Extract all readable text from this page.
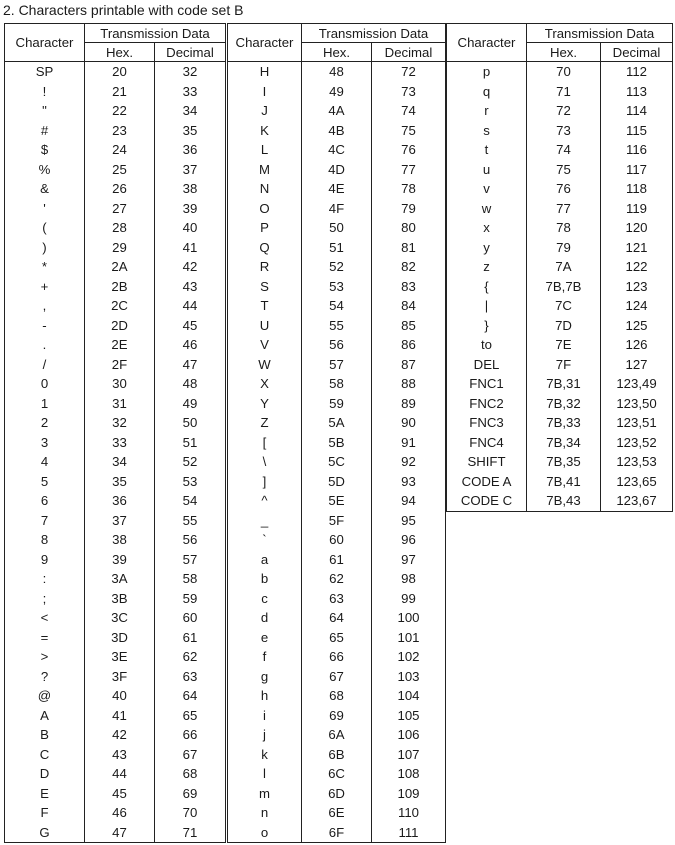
2. Characters printable with code set B
Character	Transmission Data	
	Hex.	Decimal
SP	20	32
!	21	33
"	22	34
#	23	35
$	24	36
%	25	37
&	26	38
'	27	39
(	28	40
)	29	41
*	2A	42
+	2B	43
,	2C	44
-	2D	45
.	2E	46
/	2F	47
0	30	48
1	31	49
2	32	50
3	33	51
4	34	52
5	35	53
6	36	54
7	37	55
8	38	56
9	39	57
:	3A	58
;	3B	59
<	3C	60
=	3D	61
>	3E	62
?	3F	63
@	40	64
A	41	65
B	42	66
C	43	67
D	44	68
E	45	69
F	46	70
G	47	71
Character	Transmission Data	
	Hex.	Decimal
H	48	72
I	49	73
J	4A	74
K	4B	75
L	4C	76
M	4D	77
N	4E	78
O	4F	79
P	50	80
Q	51	81
R	52	82
S	53	83
T	54	84
U	55	85
V	56	86
W	57	87
X	58	88
Y	59	89
Z	5A	90
[	5B	91
\	5C	92
]	5D	93
^	5E	94
_	5F	95
`	60	96
a	61	97
b	62	98
c	63	99
d	64	100
e	65	101
f	66	102
g	67	103
h	68	104
i	69	105
j	6A	106
k	6B	107
l	6C	108
m	6D	109
n	6E	110
o	6F	111
Character	Transmission Data	
	Hex.	Decimal
p	70	112
q	71	113
r	72	114
s	73	115
t	74	116
u	75	117
v	76	118
w	77	119
x	78	120
y	79	121
z	7A	122
{	7B,7B	123
|	7C	124
}	7D	125
to	7E	126
DEL	7F	127
FNC1	7B,31	123,49
FNC2	7B,32	123,50
FNC3	7B,33	123,51
FNC4	7B,34	123,52
SHIFT	7B,35	123,53
CODE A	7B,41	123,65
CODE C	7B,43	123,67
